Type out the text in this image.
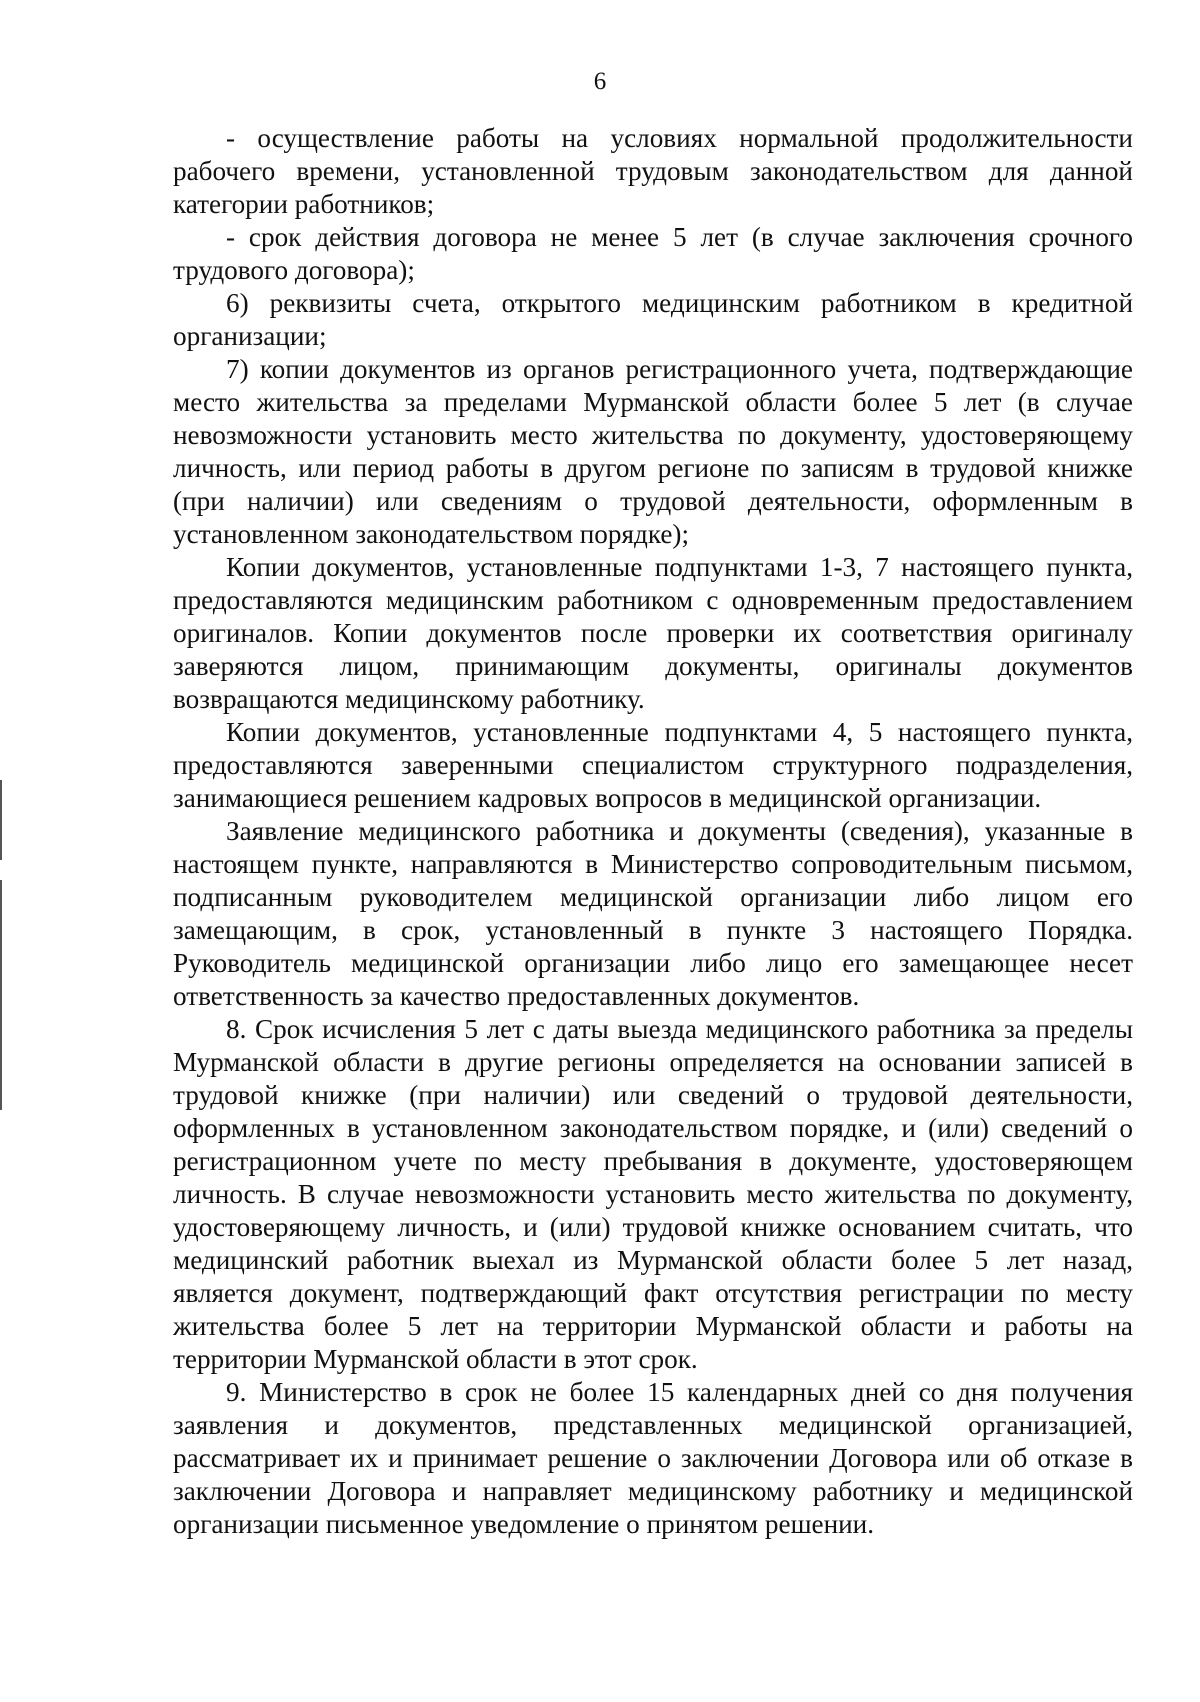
6

- осуществление работы на условиях нормальной продолжительности рабочего времени, установленной трудовым законодательством для данной категории работников;

- срок действия договора не менее 5 лет (в случае заключения срочного трудового договора);

6) реквизиты счета, открытого медицинским работником в кредитной организации;

7) копии документов из органов регистрационного учета, подтверждающие место жительства за пределами Мурманской области более 5 лет (в случае невозможности установить место жительства по документу, удостоверяющему личность, или период работы в другом регионе по записям в трудовой книжке (при наличии) или сведениям о трудовой деятельности, оформленным в установленном законодательством порядке);

Копии документов, установленные подпунктами 1-3, 7 настоящего пункта, предоставляются медицинским работником с одновременным предоставлением оригиналов. Копии документов после проверки их соответствия оригиналу заверяются лицом, принимающим документы, оригиналы документов возвращаются медицинскому работнику.

Копии документов, установленные подпунктами 4, 5 настоящего пункта, предоставляются заверенными специалистом структурного подразделения, занимающиеся решением кадровых вопросов в медицинской организации.

Заявление медицинского работника и документы (сведения), указанные в настоящем пункте, направляются в Министерство сопроводительным письмом, подписанным руководителем медицинской организации либо лицом его замещающим, в срок, установленный в пункте 3 настоящего Порядка. Руководитель медицинской организации либо лицо его замещающее несет ответственность за качество предоставленных документов.

8. Срок исчисления 5 лет с даты выезда медицинского работника за пределы Мурманской области в другие регионы определяется на основании записей в трудовой книжке (при наличии) или сведений о трудовой деятельности, оформленных в установленном законодательством порядке, и (или) сведений о регистрационном учете по месту пребывания в документе, удостоверяющем личность. В случае невозможности установить место жительства по документу, удостоверяющему личность, и (или) трудовой книжке основанием считать, что медицинский работник выехал из Мурманской области более 5 лет назад, является документ, подтверждающий факт отсутствия регистрации по месту жительства более 5 лет на территории Мурманской области и работы на территории Мурманской области в этот срок.

9. Министерство в срок не более 15 календарных дней со дня получения заявления и документов, представленных медицинской организацией, рассматривает их и принимает решение о заключении Договора или об отказе в заключении Договора и направляет медицинскому работнику и медицинской организации письменное уведомление о принятом решении.
